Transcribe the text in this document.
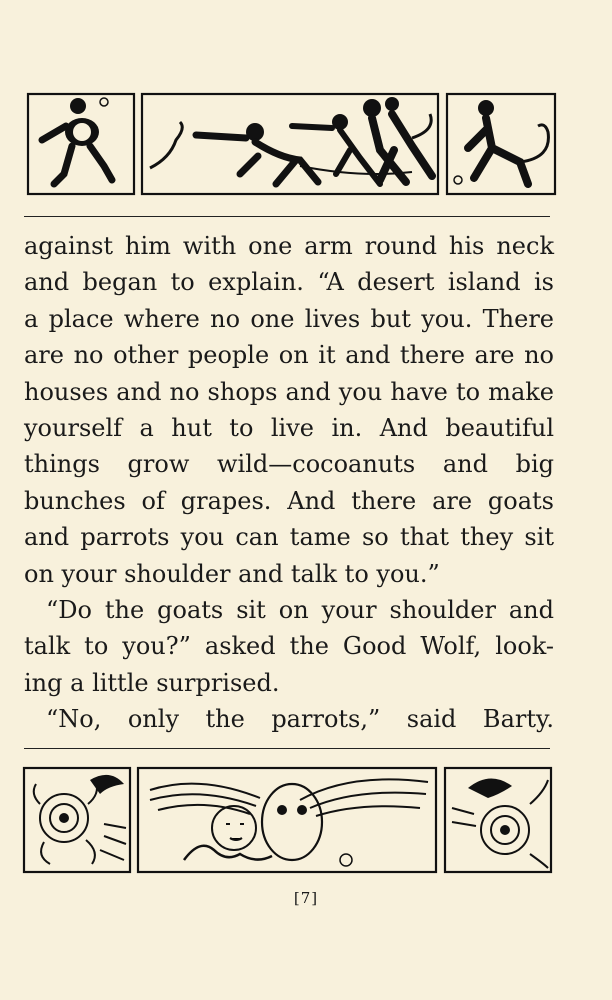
against him with one arm round his neck
and began to explain. “A desert island is
a place where no one lives but you. There
are no other people on it and there are no
houses and no shops and you have to make
yourself a hut to live in. And beautiful
things grow wild—cocoanuts and big
bunches of grapes. And there are goats
and parrots you can tame so that they sit
on your shoulder and talk to you.”
“Do the goats sit on your shoulder and
talk to you?” asked the Good Wolf, look-
ing a little surprised.
“No, only the parrots,” said Barty.
[7]
